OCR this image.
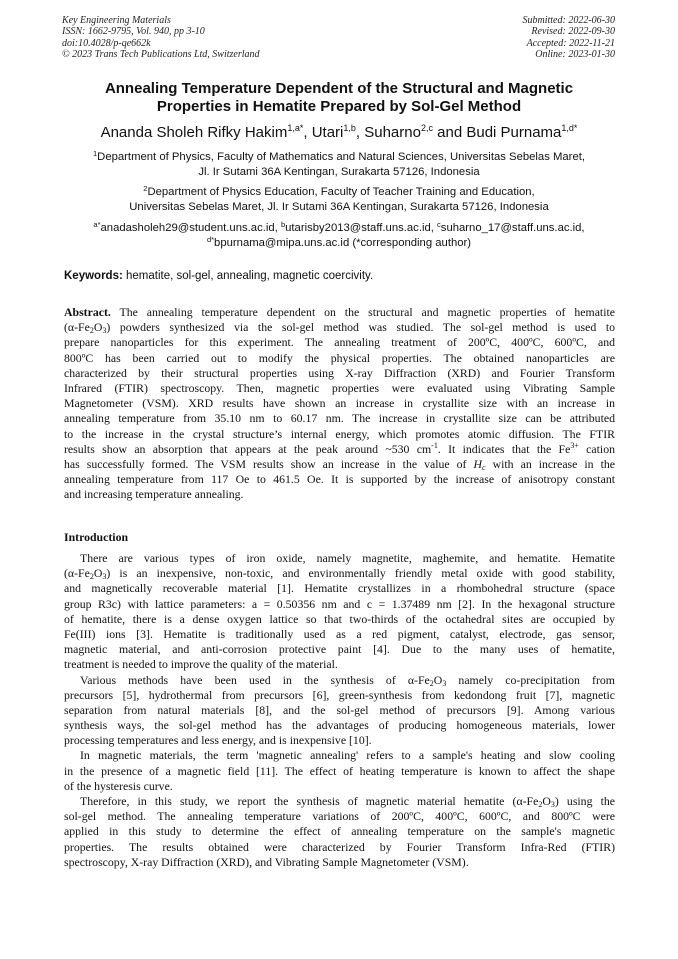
Key Engineering Materials
ISSN: 1662-9795, Vol. 940, pp 3-10
doi:10.4028/p-qe662k
© 2023 Trans Tech Publications Ltd, Switzerland
Submitted: 2022-06-30
Revised: 2022-09-30
Accepted: 2022-11-21
Online: 2023-01-30
Annealing Temperature Dependent of the Structural and Magnetic
Properties in Hematite Prepared by Sol-Gel Method
Ananda Sholeh Rifky Hakim$^{1,a*}$, Utari$^{1,b}$, Suharno$^{2,c}$ and Budi Purnama$^{1,d*}$
$^1$Department of Physics, Faculty of Mathematics and Natural Sciences, Universitas Sebelas Maret,
Jl. Ir Sutami 36A Kentingan, Surakarta 57126, Indonesia
$^2$Department of Physics Education, Faculty of Teacher Training and Education,
Universitas Sebelas Maret, Jl. Ir Sutami 36A Kentingan, Surakarta 57126, Indonesia
$^{a*}$anadasholeh29@student.uns.ac.id, $^b$utarisby2013@staff.uns.ac.id, $^c$suharno_17@staff.uns.ac.id,
$^{d*}$bpurnama@mipa.uns.ac.id (*corresponding author)
Keywords: hematite, sol-gel, annealing, magnetic coercivity.
Abstract. The annealing temperature dependent on the structural and magnetic properties of hematite
$(\alpha-Fe_2O_3)$ powders synthesized via the sol-gel method was studied. The sol-gel method is used to
prepare nanoparticles for this experiment. The annealing treatment of 200ºC, 400ºC, 600ºC, and
800ºC has been carried out to modify the physical properties. The obtained nanoparticles are
characterized by their structural properties using X-ray Diffraction (XRD) and Fourier Transform
Infrared (FTIR) spectroscopy. Then, magnetic properties were evaluated using Vibrating Sample
Magnetometer (VSM). XRD results have shown an increase in crystallite size with an increase in
annealing temperature from 35.10 nm to 60.17 nm. The increase in crystallite size can be attributed
to the increase in the crystal structure’s internal energy, which promotes atomic diffusion. The FTIR
results show an absorption that appears at the peak around ~530 $cm^{-1}$. It indicates that the $Fe^{3+}$ cation
has successfully formed. The VSM results show an increase in the value of $H_c$ with an increase in the
annealing temperature from 117 Oe to 461.5 Oe. It is supported by the increase of anisotropy constant
and increasing temperature annealing.
Introduction
There are various types of iron oxide, namely magnetite, maghemite, and hematite. Hematite
$(\alpha-Fe_2O_3)$ is an inexpensive, non-toxic, and environmentally friendly metal oxide with good stability,
and magnetically recoverable material [1]. Hematite crystallizes in a rhombohedral structure (space
group R3c) with lattice parameters: a = 0.50356 nm and c = 1.37489 nm [2]. In the hexagonal structure
of hematite, there is a dense oxygen lattice so that two-thirds of the octahedral sites are occupied by
Fe(III) ions [3]. Hematite is traditionally used as a red pigment, catalyst, electrode, gas sensor,
magnetic material, and anti-corrosion protective paint [4]. Due to the many uses of hematite,
treatment is needed to improve the quality of the material.
Various methods have been used in the synthesis of $\alpha-Fe_2O_3$ namely co-precipitation from
precursors [5], hydrothermal from precursors [6], green-synthesis from kedondong fruit [7], magnetic
separation from natural materials [8], and the sol-gel method of precursors [9]. Among various
synthesis ways, the sol-gel method has the advantages of producing homogeneous materials, lower
processing temperatures and less energy, and is inexpensive [10].
In magnetic materials, the term 'magnetic annealing' refers to a sample's heating and slow cooling
in the presence of a magnetic field [11]. The effect of heating temperature is known to affect the shape
of the hysteresis curve.
Therefore, in this study, we report the synthesis of magnetic material hematite $(\alpha-Fe_2O_3)$ using the
sol-gel method. The annealing temperature variations of 200ºC, 400ºC, 600ºC, and 800ºC were
applied in this study to determine the effect of annealing temperature on the sample's magnetic
properties. The results obtained were characterized by Fourier Transform Infra-Red (FTIR)
spectroscopy, X-ray Diffraction (XRD), and Vibrating Sample Magnetometer (VSM).
